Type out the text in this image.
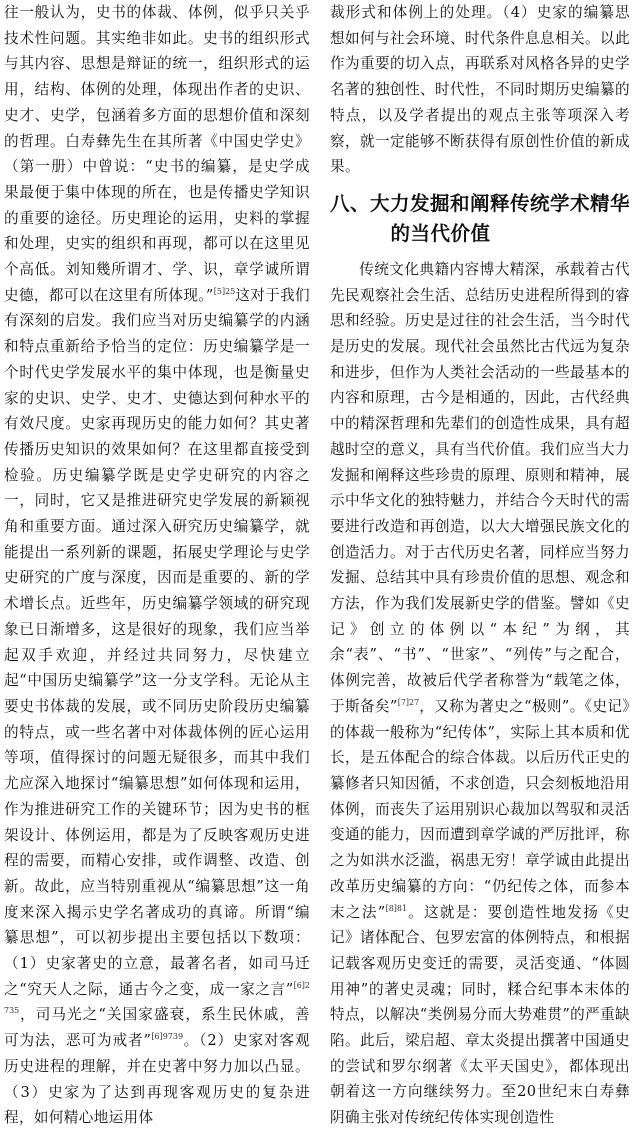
往一般认为，史书的体裁、体例，似乎只关乎技术性问题。其实绝非如此。史书的组织形式与其内容、思想是辩证的统一，组织形式的运用，结构、体例的处理，体现出作者的史识、史才、史学，包涵着多方面的思想价值和深刻的哲理。白寿彝先生在其所著《中国史学史》（第一册）中曾说：“史书的编纂，是史学成果最便于集中体现的所在，也是传播史学知识的重要的途径。历史理论的运用，史料的掌握和处理，史实的组织和再现，都可以在这里见个高低。刘知幾所谓才、学、识，章学诚所谓史德，都可以在这里有所体现。”$^{[5]25}$这对于我们有深刻的启发。我们应当对历史编纂学的内涵和特点重新给予恰当的定位：历史编纂学是一个时代史学发展水平的集中体现，也是衡量史家的史识、史学、史才、史德达到何种水平的有效尺度。史家再现历史的能力如何？其史著传播历史知识的效果如何？在这里都直接受到检验。历史编纂学既是史学史研究的内容之一，同时，它又是推进研究史学发展的新颖视角和重要方面。通过深入研究历史编纂学，就能提出一系列新的课题，拓展史学理论与史学史研究的广度与深度，因而是重要的、新的学术增长点。近些年，历史编纂学领域的研究现象已日渐增多，这是很好的现象，我们应当举起双手欢迎，并经过共同努力，尽快建立起“中国历史编纂学”这一分支学科。无论从主要史书体裁的发展，或不同历史阶段历史编纂的特点，或一些名著中对体裁体例的匠心运用等项，值得探讨的问题无疑很多，而其中我们尤应深入地探讨“编纂思想”如何体现和运用，作为推进研究工作的关键环节；因为史书的框架设计、体例运用，都是为了反映客观历史进程的需要，而精心安排，或作调整、改造、创新。故此，应当特别重视从“编纂思想”这一角度来深入揭示史学名著成功的真谛。所谓“编纂思想”，可以初步提出主要包括以下数项：（1）史家著史的立意，最著名者，如司马迁之“究天人之际，通古今之变，成一家之言”$^{[6]2735}$，司马光之“关国家盛衰，系生民休戚，善可为法，恶可为戒者”$^{[6]9739}$。（2）史家对客观历史进程的理解，并在史著中努力加以凸显。（3）史家为了达到再现客观历史的复杂进程，如何精心地运用体

裁形式和体例上的处理。（4）史家的编纂思想如何与社会环境、时代条件息息相关。以此作为重要的切入点，再联系对风格各异的史学名著的独创性、时代性，不同时期历史编纂的特点，以及学者提出的观点主张等项深入考察，就一定能够不断获得有原创性价值的新成果。

八、大力发掘和阐释传统学术精华
的当代价值

传统文化典籍内容博大精深，承载着古代先民观察社会生活、总结历史进程所得到的睿思和经验。历史是过往的社会生活，当今时代是历史的发展。现代社会虽然比古代远为复杂和进步，但作为人类社会活动的一些最基本的内容和原理，古今是相通的，因此，古代经典中的精深哲理和先辈们的创造性成果，具有超越时空的意义，具有当代价值。我们应当大力发掘和阐释这些珍贵的原理、原则和精神，展示中华文化的独特魅力，并结合今天时代的需要进行改造和再创造，以大大增强民族文化的创造活力。对于古代历史名著，同样应当努力发掘、总结其中具有珍贵价值的思想、观念和方法，作为我们发展新史学的借鉴。譬如《史记》创立的体例以“本纪”为纲，其余“表”、“书”、“世家”、“列传”与之配合，体例完善，故被后代学者称誉为“载笔之体，于斯备矣”$^{[7]27}$，又称为著史之“极则”。《史记》的体裁一般称为“纪传体”，实际上其本质和优长，是五体配合的综合体裁。以后历代正史的纂修者只知因循，不求创造，只会刻板地沿用体例，而丧失了运用别识心裁加以驾驭和灵活变通的能力，因而遭到章学诚的严厉批评，称之为如洪水泛滥，祸患无穷！章学诚由此提出改革历史编纂的方向：“仍纪传之体，而参本末之法”$^{[8]81}$。这就是：要创造性地发扬《史记》诸体配合、包罗宏富的体例特点，和根据记载客观历史变迁的需要，灵活变通、“体圆用神”的著史灵魂；同时，糅合纪事本末体的特点，以解决“类例易分而大势难贯”的严重缺陷。此后，梁启超、章太炎提出撰著中国通史的尝试和罗尔纲著《太平天国史》，都体现出朝着这一方向继续努力。至20世纪末白寿彝阴确主张对传统纪传体实现创造性
